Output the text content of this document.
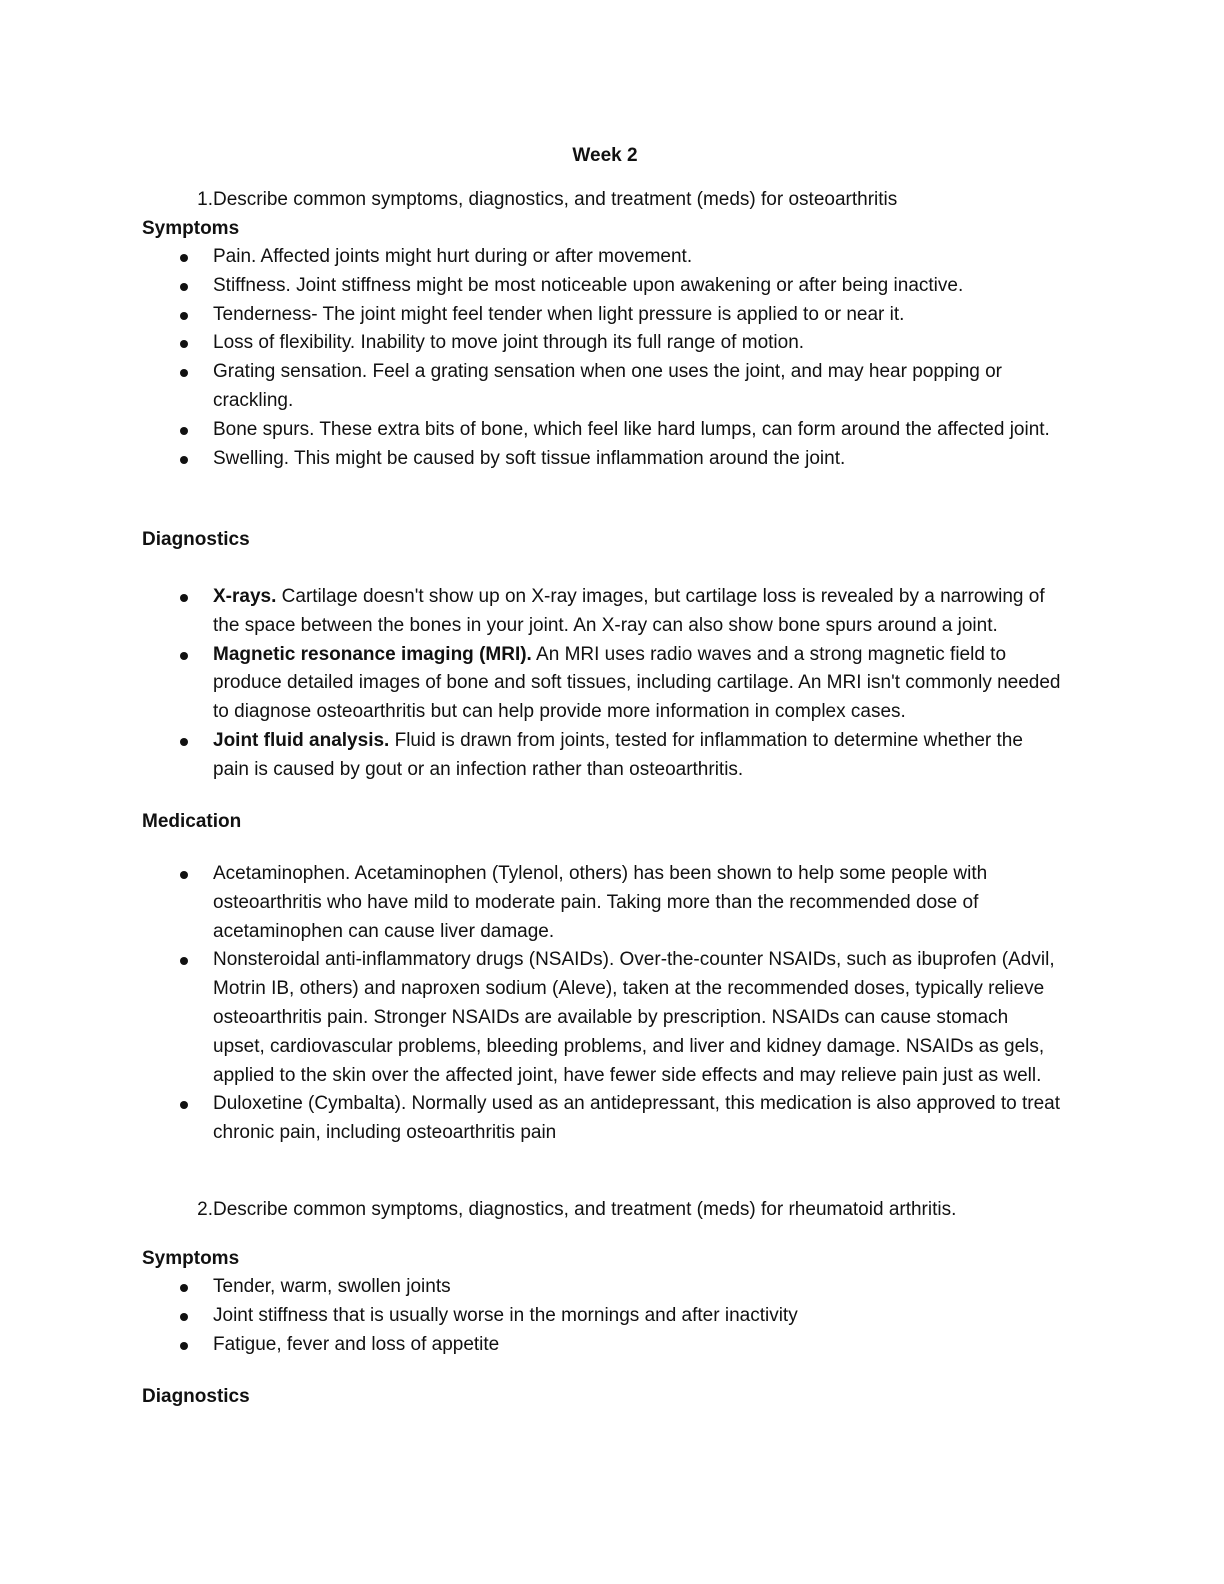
Week 2
1. Describe common symptoms, diagnostics, and treatment (meds) for osteoarthritis
Symptoms
Pain. Affected joints might hurt during or after movement.
Stiffness. Joint stiffness might be most noticeable upon awakening or after being inactive.
Tenderness- The joint might feel tender when light pressure is applied to or near it.
Loss of flexibility. Inability to move joint through its full range of motion.
Grating sensation. Feel a grating sensation when one uses the joint, and may hear popping or crackling.
Bone spurs. These extra bits of bone, which feel like hard lumps, can form around the affected joint.
Swelling. This might be caused by soft tissue inflammation around the joint.
Diagnostics
X-rays. Cartilage doesn't show up on X-ray images, but cartilage loss is revealed by a narrowing of the space between the bones in your joint. An X-ray can also show bone spurs around a joint.
Magnetic resonance imaging (MRI). An MRI uses radio waves and a strong magnetic field to produce detailed images of bone and soft tissues, including cartilage. An MRI isn't commonly needed to diagnose osteoarthritis but can help provide more information in complex cases.
Joint fluid analysis. Fluid is drawn from joints, tested for inflammation to determine whether the pain is caused by gout or an infection rather than osteoarthritis.
Medication
Acetaminophen. Acetaminophen (Tylenol, others) has been shown to help some people with osteoarthritis who have mild to moderate pain. Taking more than the recommended dose of acetaminophen can cause liver damage.
Nonsteroidal anti-inflammatory drugs (NSAIDs). Over-the-counter NSAIDs, such as ibuprofen (Advil, Motrin IB, others) and naproxen sodium (Aleve), taken at the recommended doses, typically relieve osteoarthritis pain. Stronger NSAIDs are available by prescription. NSAIDs can cause stomach upset, cardiovascular problems, bleeding problems, and liver and kidney damage. NSAIDs as gels, applied to the skin over the affected joint, have fewer side effects and may relieve pain just as well.
Duloxetine (Cymbalta). Normally used as an antidepressant, this medication is also approved to treat chronic pain, including osteoarthritis pain
2. Describe common symptoms, diagnostics, and treatment (meds) for rheumatoid arthritis.
Symptoms
Tender, warm, swollen joints
Joint stiffness that is usually worse in the mornings and after inactivity
Fatigue, fever and loss of appetite
Diagnostics
